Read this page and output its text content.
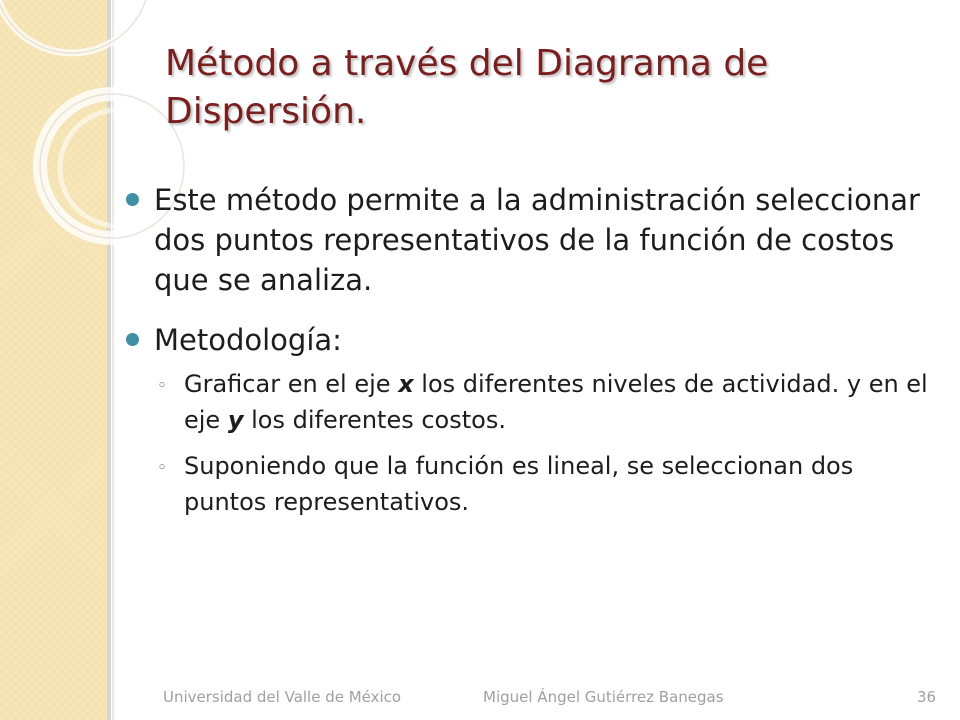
Método a través del Diagrama de Dispersión.
Este método permite a la administración seleccionar dos puntos representativos de la función de costos que se analiza.
Metodología:
◦ Graficar en el eje x los diferentes niveles de actividad. y en el eje y los diferentes costos.
◦ Suponiendo que la función es lineal, se seleccionan dos puntos representativos.
Universidad del Valle de México	Miguel Ángel Gutiérrez Banegas	36
